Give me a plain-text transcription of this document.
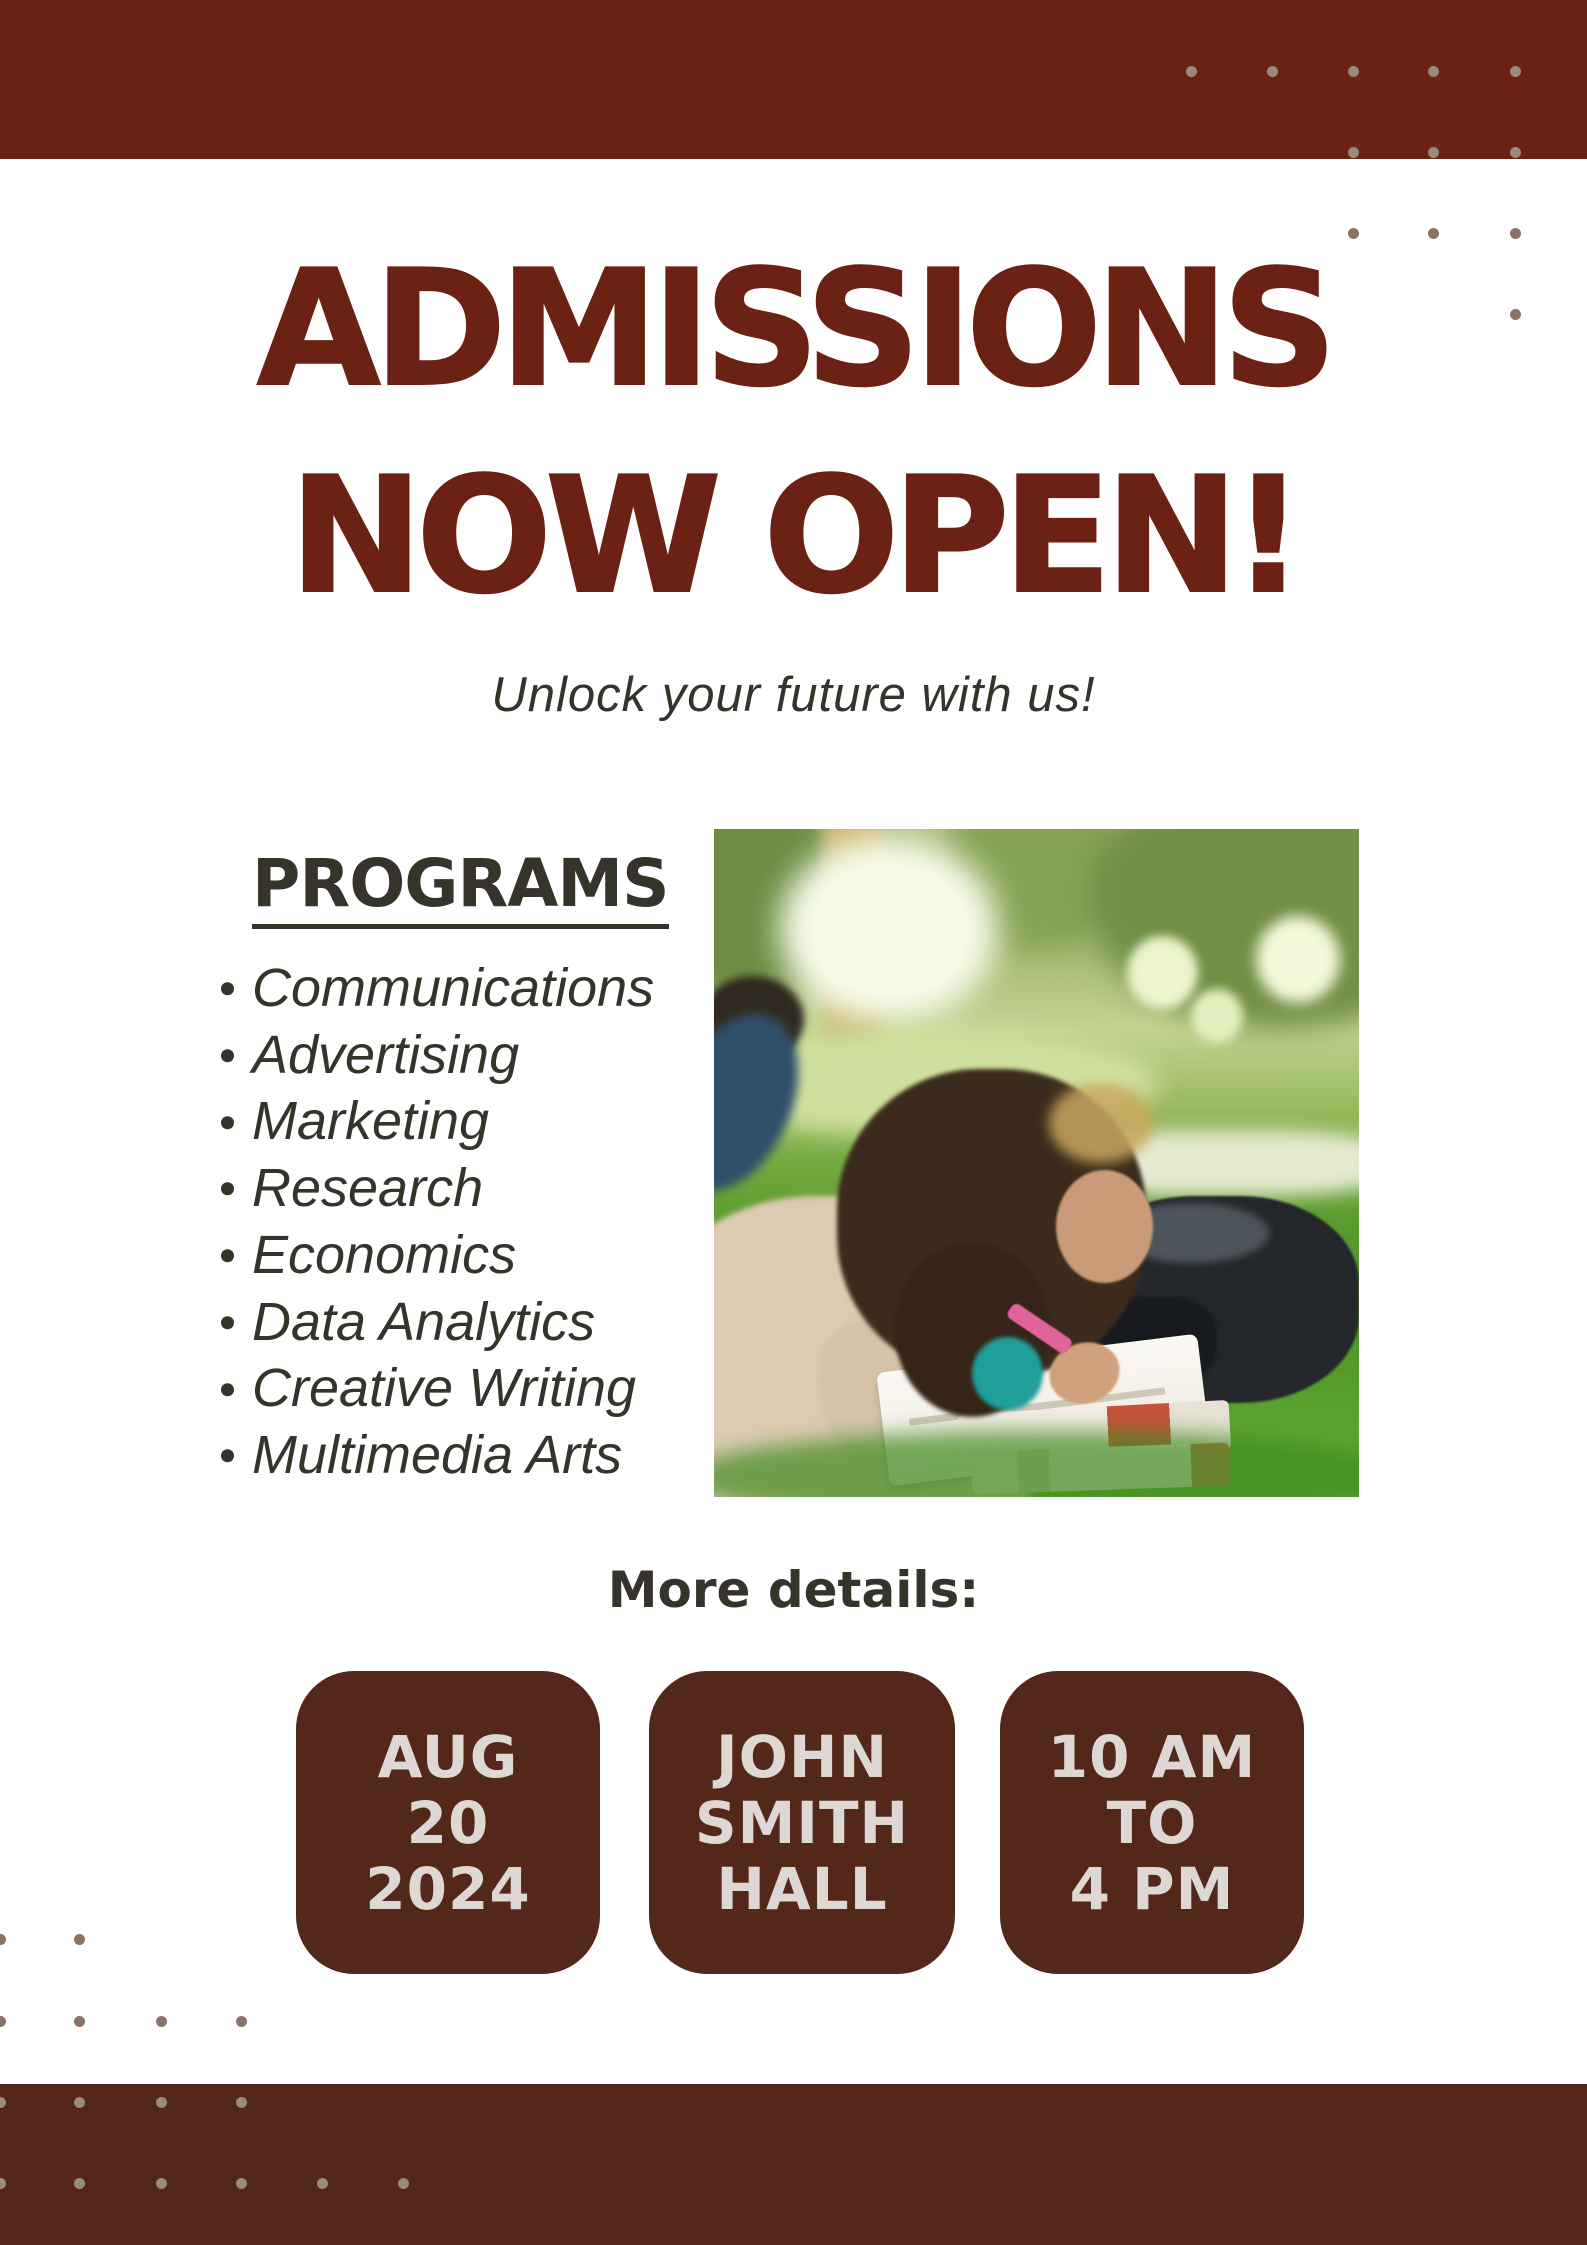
ADMISSIONS
NOW OPEN!

Unlock your future with us!

PROGRAMS
Communications
Advertising
Marketing
Research
Economics
Data Analytics
Creative Writing
Multimedia Arts

More details:

AUG
20
2024
JOHN
SMITH
HALL
10 AM
TO
4 PM
